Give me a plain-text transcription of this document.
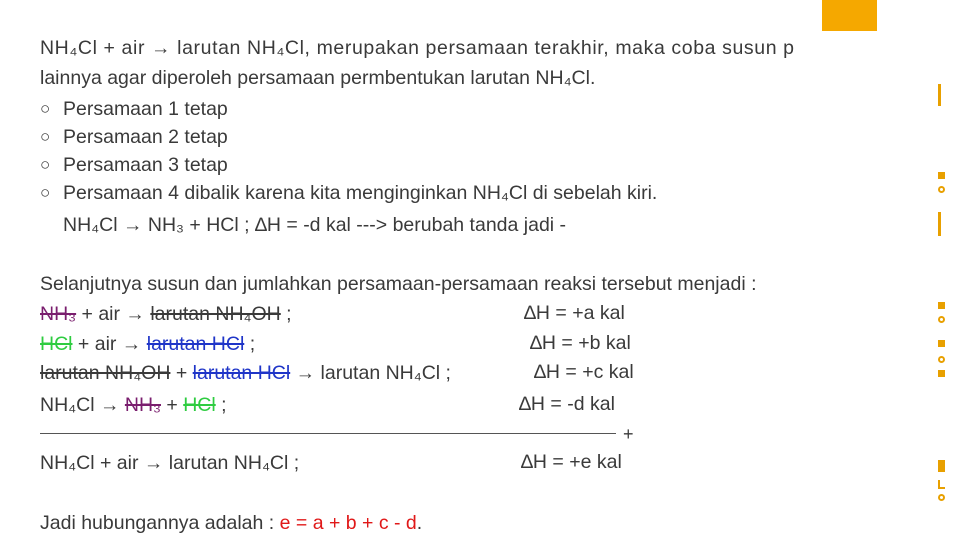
NH₄Cl + air → larutan NH₄Cl, merupakan persamaan terakhir, maka coba susun p
lainnya agar diperoleh persamaan permbentukan larutan NH₄Cl.
○ Persamaan 1 tetap
○ Persamaan 2 tetap
○ Persamaan 3 tetap
○ Persamaan 4 dibalik karena kita menginginkan NH₄Cl di sebelah kiri.
NH₄Cl → NH₃ + HCl ; ∆H = -d kal ---> berubah tanda jadi -
Selanjutnya susun dan jumlahkan persamaan-persamaan reaksi tersebut menjadi :
NH₃ + air → larutan NH₄OH ;	∆H = +a kal
HCl + air → larutan HCl ;	∆H = +b kal
larutan NH₄OH + larutan HCl → larutan NH₄Cl ;	∆H = +c kal
NH₄Cl → NH₃ + HCl ;	∆H = -d kal
+
NH₄Cl + air → larutan NH₄Cl ;	∆H = +e kal
Jadi hubungannya adalah : e = a + b + c - d.
